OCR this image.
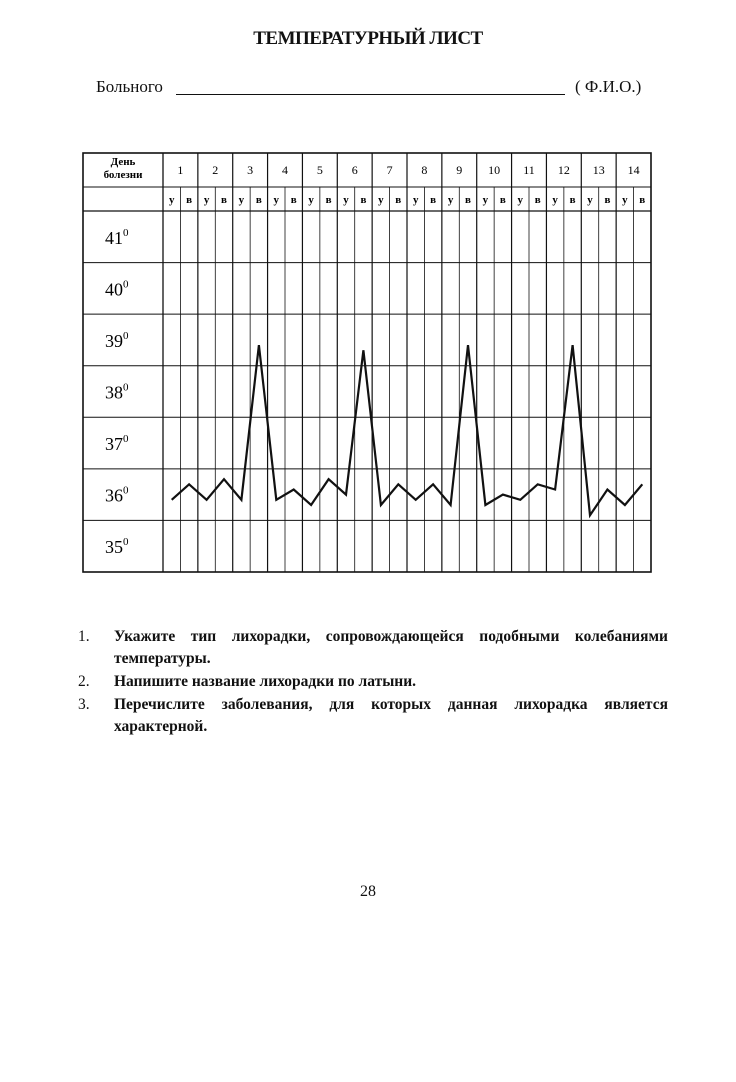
ТЕМПЕРАТУРНЫЙ ЛИСТ
Больного	( Ф.И.О.)
День болезни	1 2 3 4 5 6 7 8 9 10 11 12 13 14
у в у в у в у в у в у в у в у в у в у в у в у в у в у в
$41^0$
$40^0$
$39^0$
$38^0$
$37^0$
$36^0$
$35^0$
1. Укажите тип лихорадки, сопровождающейся подобными колебаниями температуры.
2. Напишите название лихорадки по латыни.
3. Перечислите заболевания, для которых данная лихорадка является характерной.
28
